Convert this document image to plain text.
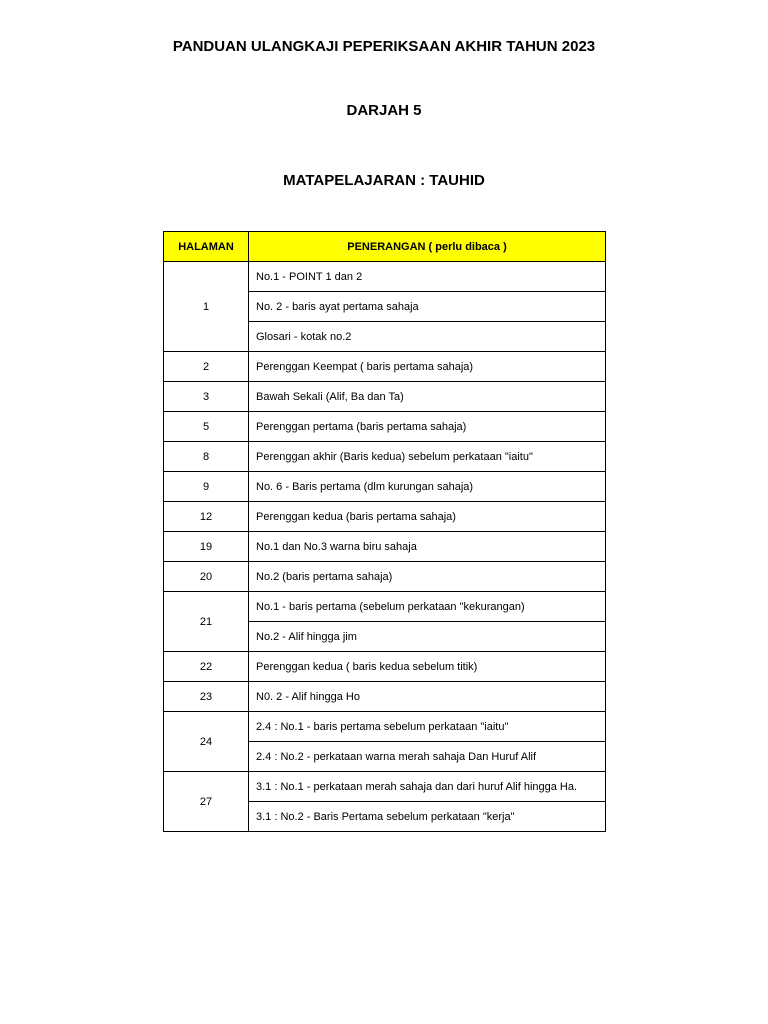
PANDUAN ULANGKAJI PEPERIKSAAN AKHIR TAHUN 2023
DARJAH 5
MATAPELAJARAN : TAUHID
HALAMAN	PENERANGAN ( perlu dibaca )
1	No.1 - POINT 1 dan 2
	No. 2 - baris ayat pertama sahaja
	Glosari - kotak no.2
2	Perenggan Keempat ( baris pertama sahaja)
3	Bawah Sekali (Alif, Ba dan Ta)
5	Perenggan pertama (baris pertama sahaja)
8	Perenggan akhir (Baris kedua) sebelum perkataan "iaitu"
9	No. 6 - Baris pertama (dlm kurungan sahaja)
12	Perenggan kedua (baris pertama sahaja)
19	No.1 dan No.3 warna biru sahaja
20	No.2 (baris pertama sahaja)
21	No.1 - baris pertama (sebelum perkataan "kekurangan)
	No.2 - Alif hingga jim
22	Perenggan kedua ( baris kedua sebelum titik)
23	N0. 2 - Alif hingga Ho
24	2.4 : No.1 - baris pertama sebelum perkataan "iaitu"
	2.4 : No.2 - perkataan warna merah sahaja Dan Huruf Alif
27	3.1 : No.1 - perkataan merah sahaja dan dari huruf Alif hingga Ha.
	3.1 : No.2 - Baris Pertama sebelum perkataan "kerja"
